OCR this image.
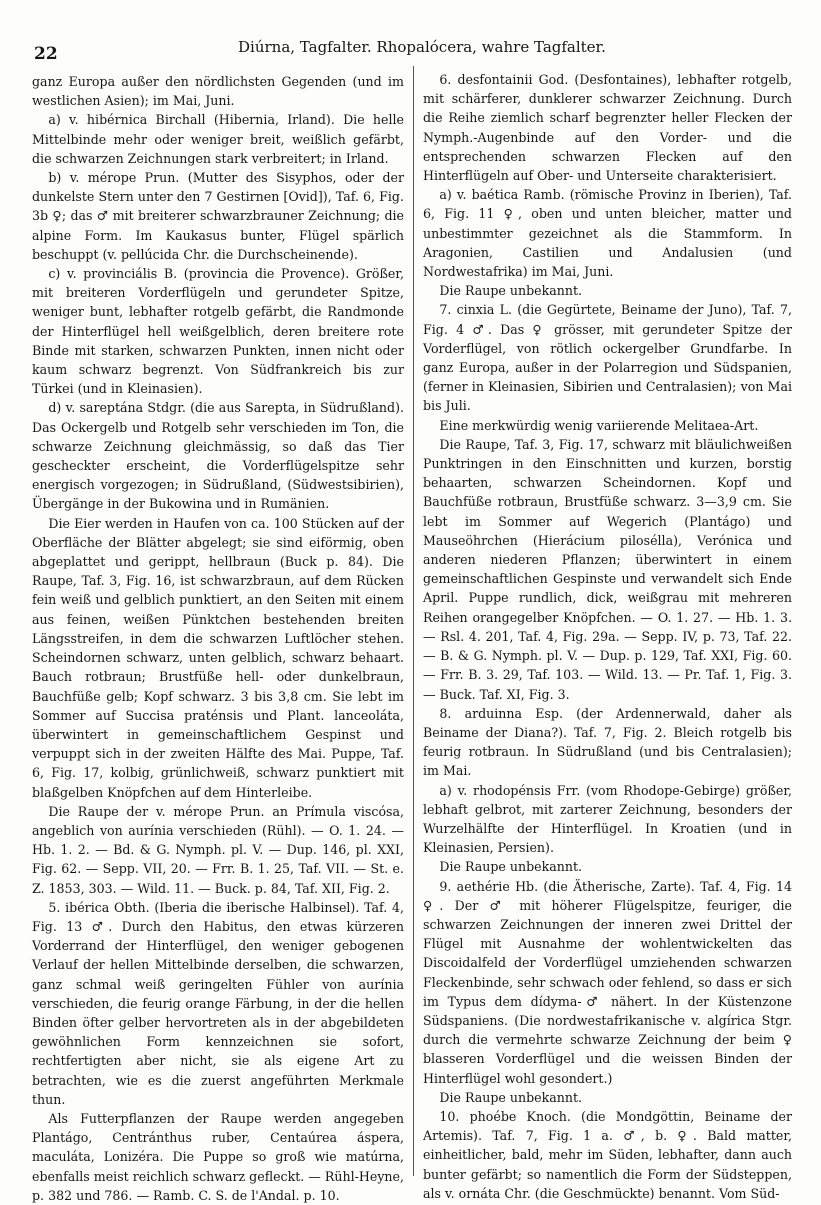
22	Diúrna, Tagfalter. Rhopalócera, wahre Tagfalter.

ganz Europa außer den nördlichsten Gegenden (und im westlichen Asien); im Mai, Juni.

a) v. hibérnica Birchall (Hibernia, Irland). Die helle Mittelbinde mehr oder weniger breit, weißlich gefärbt, die schwarzen Zeichnungen stark verbreitert; in Irland.

b) v. mérope Prun. (Mutter des Sisyphos, oder der dunkelste Stern unter den 7 Gestirnen [Ovid]), Taf. 6, Fig. 3b ♀; das ♂ mit breiterer schwarzbrauner Zeichnung; die alpine Form. Im Kaukasus bunter, Flügel spärlich beschuppt (v. pellúcida Chr. die Durchscheinende).

c) v. provinciális B. (provincia die Provence). Größer, mit breiteren Vorderflügeln und gerundeter Spitze, weniger bunt, lebhafter rotgelb gefärbt, die Randmonde der Hinterflügel hell weißgelblich, deren breitere rote Binde mit starken, schwarzen Punkten, innen nicht oder kaum schwarz begrenzt. Von Südfrankreich bis zur Türkei (und in Kleinasien).

d) v. sareptána Stdgr. (die aus Sarepta, in Südrußland). Das Ockergelb und Rotgelb sehr verschieden im Ton, die schwarze Zeichnung gleichmässig, so daß das Tier gescheckter erscheint, die Vorderflügelspitze sehr energisch vorgezogen; in Südrußland, (Südwestsibirien), Übergänge in der Bukowina und in Rumänien.

Die Eier werden in Haufen von ca. 100 Stücken auf der Oberfläche der Blätter abgelegt; sie sind eiförmig, oben abgeplattet und gerippt, hellbraun (Buck p. 84). Die Raupe, Taf. 3, Fig. 16, ist schwarzbraun, auf dem Rücken fein weiß und gelblich punktiert, an den Seiten mit einem aus feinen, weißen Pünktchen bestehenden breiten Längsstreifen, in dem die schwarzen Luftlöcher stehen. Scheindornen schwarz, unten gelblich, schwarz behaart. Bauch rotbraun; Brustfüße hell- oder dunkelbraun, Bauchfüße gelb; Kopf schwarz. 3 bis 3,8 cm. Sie lebt im Sommer auf Succisa praténsis und Plant. lanceoláta, überwintert in gemeinschaftlichem Gespinst und verpuppt sich in der zweiten Hälfte des Mai. Puppe, Taf. 6, Fig. 17, kolbig, grünlichweiß, schwarz punktiert mit blaßgelben Knöpfchen auf dem Hinterleibe.

Die Raupe der v. mérope Prun. an Prímula viscósa, angeblich von aurínia verschieden (Rühl). — O. 1. 24. — Hb. 1. 2. — Bd. & G. Nymph. pl. V. — Dup. 146, pl. XXI, Fig. 62. — Sepp. VII, 20. — Frr. B. 1. 25, Taf. VII. — St. e. Z. 1853, 303. — Wild. 11. — Buck. p. 84, Taf. XII, Fig. 2.

5. ibérica Obth. (Iberia die iberische Halbinsel). Taf. 4, Fig. 13 ♂. Durch den Habitus, den etwas kürzeren Vorderrand der Hinterflügel, den weniger gebogenen Verlauf der hellen Mittelbinde derselben, die schwarzen, ganz schmal weiß geringelten Fühler von aurínia verschieden, die feurig orange Färbung, in der die hellen Binden öfter gelber hervortreten als in der abgebildeten gewöhnlichen Form kennzeichnen sie sofort, rechtfertigten aber nicht, sie als eigene Art zu betrachten, wie es die zuerst angeführten Merkmale thun.

Als Futterpflanzen der Raupe werden angegeben Plantágo, Centránthus ruber, Centaúrea áspera, maculáta, Lonizéra. Die Puppe so groß wie matúrna, ebenfalls meist reichlich schwarz gefleckt. — Rühl-Heyne, p. 382 und 786. — Ramb. C. S. de l'Andal. p. 10.

6. desfontainii God. (Desfontaines), lebhafter rotgelb, mit schärferer, dunklerer schwarzer Zeichnung. Durch die Reihe ziemlich scharf begrenzter heller Flecken der Nymph.-Augenbinde auf den Vorder- und die entsprechenden schwarzen Flecken auf den Hinterflügeln auf Ober- und Unterseite charakterisiert.

a) v. baética Ramb. (römische Provinz in Iberien), Taf. 6, Fig. 11 ♀, oben und unten bleicher, matter und unbestimmter gezeichnet als die Stammform. In Aragonien, Castilien und Andalusien (und Nordwestafrika) im Mai, Juni.

Die Raupe unbekannt.

7. cinxia L. (die Gegürtete, Beiname der Juno), Taf. 7, Fig. 4 ♂. Das ♀ grösser, mit gerundeter Spitze der Vorderflügel, von rötlich ockergelber Grundfarbe. In ganz Europa, außer in der Polarregion und Südspanien, (ferner in Kleinasien, Sibirien und Centralasien); von Mai bis Juli.

Eine merkwürdig wenig variierende Melitaea-Art.

Die Raupe, Taf. 3, Fig. 17, schwarz mit bläulichweißen Punktringen in den Einschnitten und kurzen, borstig behaarten, schwarzen Scheindornen. Kopf und Bauchfüße rotbraun, Brustfüße schwarz. 3—3,9 cm. Sie lebt im Sommer auf Wegerich (Plantágo) und Mauseöhrchen (Hierácium pilosélla), Verónica und anderen niederen Pflanzen; überwintert in einem gemeinschaftlichen Gespinste und verwandelt sich Ende April. Puppe rundlich, dick, weißgrau mit mehreren Reihen orangegelber Knöpfchen. — O. 1. 27. — Hb. 1. 3. — Rsl. 4. 201, Taf. 4, Fig. 29a. — Sepp. IV, p. 73, Taf. 22. — B. & G. Nymph. pl. V. — Dup. p. 129, Taf. XXI, Fig. 60. — Frr. B. 3. 29, Taf. 103. — Wild. 13. — Pr. Taf. 1, Fig. 3. — Buck. Taf. XI, Fig. 3.

8. arduinna Esp. (der Ardennerwald, daher als Beiname der Diana?). Taf. 7, Fig. 2. Bleich rotgelb bis feurig rotbraun. In Südrußland (und bis Centralasien); im Mai.

a) v. rhodopénsis Frr. (vom Rhodope-Gebirge) größer, lebhaft gelbrot, mit zarterer Zeichnung, besonders der Wurzelhälfte der Hinterflügel. In Kroatien (und in Kleinasien, Persien).

Die Raupe unbekannt.

9. aethérie Hb. (die Ätherische, Zarte). Taf. 4, Fig. 14 ♀. Der ♂ mit höherer Flügelspitze, feuriger, die schwarzen Zeichnungen der inneren zwei Drittel der Flügel mit Ausnahme der wohlentwickelten das Discoidalfeld der Vorderflügel umziehenden schwarzen Fleckenbinde, sehr schwach oder fehlend, so dass er sich im Typus dem dídyma-♂ nähert. In der Küstenzone Südspaniens. (Die nordwestafrikanische v. algírica Stgr. durch die vermehrte schwarze Zeichnung der beim ♀ blasseren Vorderflügel und die weissen Binden der Hinterflügel wohl gesondert.)

Die Raupe unbekannt.

10. phoébe Knoch. (die Mondgöttin, Beiname der Artemis). Taf. 7, Fig. 1 a. ♂, b. ♀. Bald matter, einheitlicher, bald, mehr im Süden, lebhafter, dann auch bunter gefärbt; so namentlich die Form der Südsteppen, als v. ornáta Chr. (die Geschmückte) benannt. Vom Süd-
